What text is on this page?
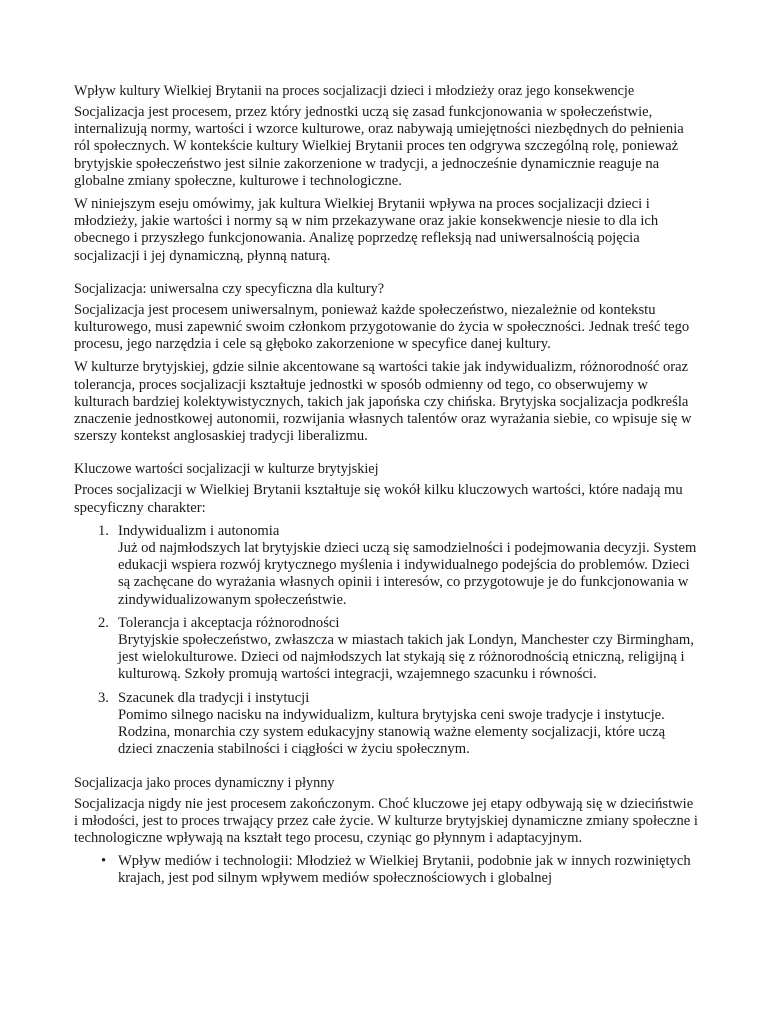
Wpływ kultury Wielkiej Brytanii na proces socjalizacji dzieci i młodzieży oraz jego konsekwencje

Socjalizacja jest procesem, przez który jednostki uczą się zasad funkcjonowania w społeczeństwie, internalizują normy, wartości i wzorce kulturowe, oraz nabywają umiejętności niezbędnych do pełnienia ról społecznych. W kontekście kultury Wielkiej Brytanii proces ten odgrywa szczególną rolę, ponieważ brytyjskie społeczeństwo jest silnie zakorzenione w tradycji, a jednocześnie dynamicznie reaguje na globalne zmiany społeczne, kulturowe i technologiczne.

W niniejszym eseju omówimy, jak kultura Wielkiej Brytanii wpływa na proces socjalizacji dzieci i młodzieży, jakie wartości i normy są w nim przekazywane oraz jakie konsekwencje niesie to dla ich obecnego i przyszłego funkcjonowania. Analizę poprzedzę refleksją nad uniwersalnością pojęcia socjalizacji i jej dynamiczną, płynną naturą.

Socjalizacja: uniwersalna czy specyficzna dla kultury?

Socjalizacja jest procesem uniwersalnym, ponieważ każde społeczeństwo, niezależnie od kontekstu kulturowego, musi zapewnić swoim członkom przygotowanie do życia w społeczności. Jednak treść tego procesu, jego narzędzia i cele są głęboko zakorzenione w specyfice danej kultury.

W kulturze brytyjskiej, gdzie silnie akcentowane są wartości takie jak indywidualizm, różnorodność oraz tolerancja, proces socjalizacji kształtuje jednostki w sposób odmienny od tego, co obserwujemy w kulturach bardziej kolektywistycznych, takich jak japońska czy chińska. Brytyjska socjalizacja podkreśla znaczenie jednostkowej autonomii, rozwijania własnych talentów oraz wyrażania siebie, co wpisuje się w szerszy kontekst anglosaskiej tradycji liberalizmu.

Kluczowe wartości socjalizacji w kulturze brytyjskiej

Proces socjalizacji w Wielkiej Brytanii kształtuje się wokół kilku kluczowych wartości, które nadają mu specyficzny charakter:

1. Indywidualizm i autonomia
Już od najmłodszych lat brytyjskie dzieci uczą się samodzielności i podejmowania decyzji. System edukacji wspiera rozwój krytycznego myślenia i indywidualnego podejścia do problemów. Dzieci są zachęcane do wyrażania własnych opinii i interesów, co przygotowuje je do funkcjonowania w zindywidualizowanym społeczeństwie.
2. Tolerancja i akceptacja różnorodności
Brytyjskie społeczeństwo, zwłaszcza w miastach takich jak Londyn, Manchester czy Birmingham, jest wielokulturowe. Dzieci od najmłodszych lat stykają się z różnorodnością etniczną, religijną i kulturową. Szkoły promują wartości integracji, wzajemnego szacunku i równości.
3. Szacunek dla tradycji i instytucji
Pomimo silnego nacisku na indywidualizm, kultura brytyjska ceni swoje tradycje i instytucje. Rodzina, monarchia czy system edukacyjny stanowią ważne elementy socjalizacji, które uczą dzieci znaczenia stabilności i ciągłości w życiu społecznym.

Socjalizacja jako proces dynamiczny i płynny

Socjalizacja nigdy nie jest procesem zakończonym. Choć kluczowe jej etapy odbywają się w dzieciństwie i młodości, jest to proces trwający przez całe życie. W kulturze brytyjskiej dynamiczne zmiany społeczne i technologiczne wpływają na kształt tego procesu, czyniąc go płynnym i adaptacyjnym.

• Wpływ mediów i technologii: Młodzież w Wielkiej Brytanii, podobnie jak w innych rozwiniętych krajach, jest pod silnym wpływem mediów społecznościowych i globalnej
